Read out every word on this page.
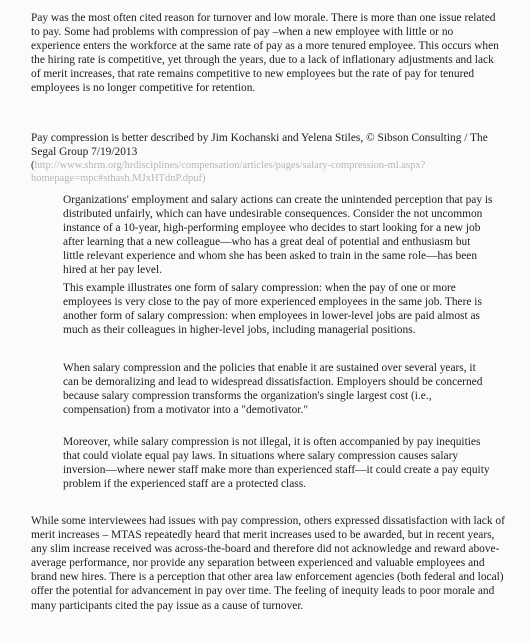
Pay was the most often cited reason for turnover and low morale. There is more than one issue related to pay. Some had problems with compression of pay –when a new employee with little or no experience enters the workforce at the same rate of pay as a more tenured employee. This occurs when the hiring rate is competitive, yet through the years, due to a lack of inflationary adjustments and lack of merit increases, that rate remains competitive to new employees but the rate of pay for tenured employees is no longer competitive for retention.

Pay compression is better described by Jim Kochanski and Yelena Stiles, © Sibson Consulting / The Segal Group 7/19/2013

(http://www.shrm.org/hrdisciplines/compensation/articles/pages/salary-compression-ml.aspx?homepage=mpc#sthash.MJxHTdnP.dpuf)

Organizations' employment and salary actions can create the unintended perception that pay is distributed unfairly, which can have undesirable consequences. Consider the not uncommon instance of a 10-year, high-performing employee who decides to start looking for a new job after learning that a new colleague—who has a great deal of potential and enthusiasm but little relevant experience and whom she has been asked to train in the same role—has been hired at her pay level.

This example illustrates one form of salary compression: when the pay of one or more employees is very close to the pay of more experienced employees in the same job. There is another form of salary compression: when employees in lower-level jobs are paid almost as much as their colleagues in higher-level jobs, including managerial positions.

When salary compression and the policies that enable it are sustained over several years, it can be demoralizing and lead to widespread dissatisfaction. Employers should be concerned because salary compression transforms the organization's single largest cost (i.e., compensation) from a motivator into a "demotivator."

Moreover, while salary compression is not illegal, it is often accompanied by pay inequities that could violate equal pay laws. In situations where salary compression causes salary inversion—where newer staff make more than experienced staff—it could create a pay equity problem if the experienced staff are a protected class.

While some interviewees had issues with pay compression, others expressed dissatisfaction with lack of merit increases – MTAS repeatedly heard that merit increases used to be awarded, but in recent years, any slim increase received was across-the-board and therefore did not acknowledge and reward above-average performance, nor provide any separation between experienced and valuable employees and brand new hires. There is a perception that other area law enforcement agencies (both federal and local) offer the potential for advancement in pay over time. The feeling of inequity leads to poor morale and many participants cited the pay issue as a cause of turnover.
